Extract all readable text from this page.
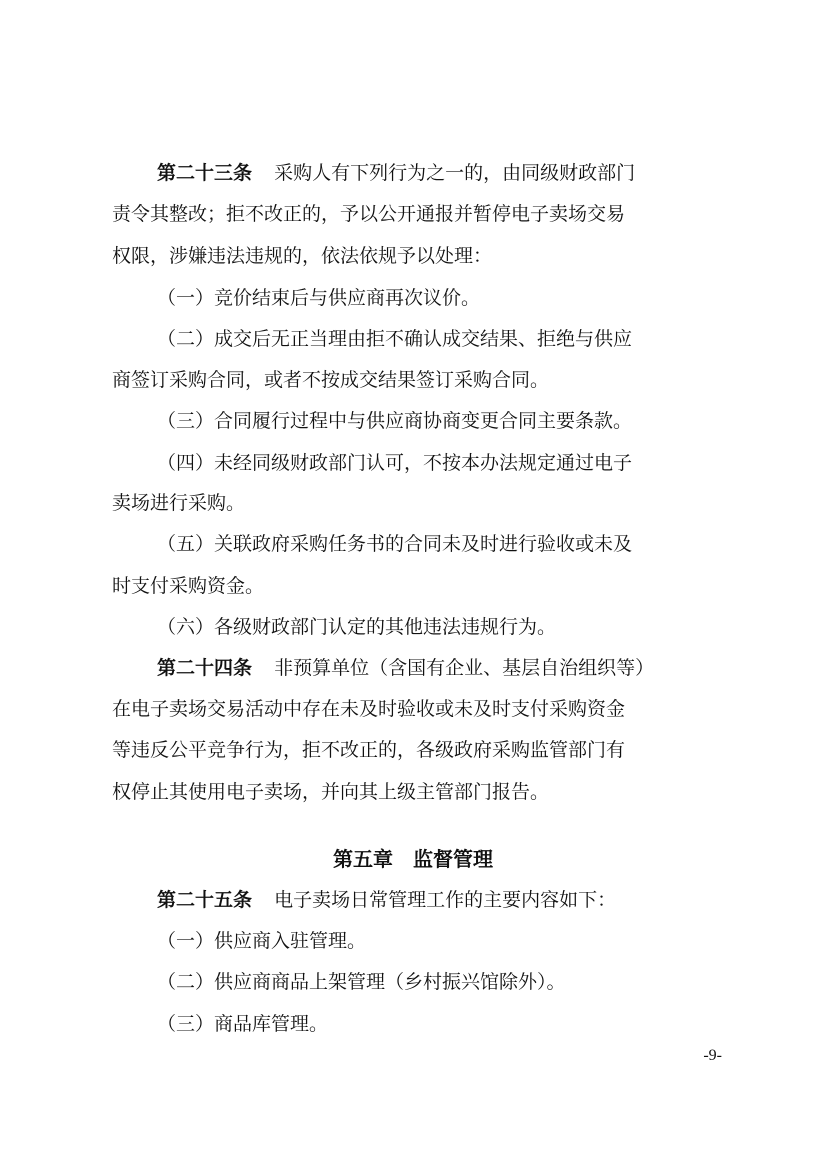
第二十三条 采购人有下列行为之一的，由同级财政部门
责令其整改；拒不改正的，予以公开通报并暂停电子卖场交易
权限，涉嫌违法违规的，依法依规予以处理：
（一）竞价结束后与供应商再次议价。
（二）成交后无正当理由拒不确认成交结果、拒绝与供应
商签订采购合同，或者不按成交结果签订采购合同。
（三）合同履行过程中与供应商协商变更合同主要条款。
（四）未经同级财政部门认可，不按本办法规定通过电子
卖场进行采购。
（五）关联政府采购任务书的合同未及时进行验收或未及
时支付采购资金。
（六）各级财政部门认定的其他违法违规行为。
第二十四条 非预算单位（含国有企业、基层自治组织等）
在电子卖场交易活动中存在未及时验收或未及时支付采购资金
等违反公平竞争行为，拒不改正的，各级政府采购监管部门有
权停止其使用电子卖场，并向其上级主管部门报告。
第五章　监督管理
第二十五条 电子卖场日常管理工作的主要内容如下：
（一）供应商入驻管理。
（二）供应商商品上架管理（乡村振兴馆除外）。
（三）商品库管理。
-9-
